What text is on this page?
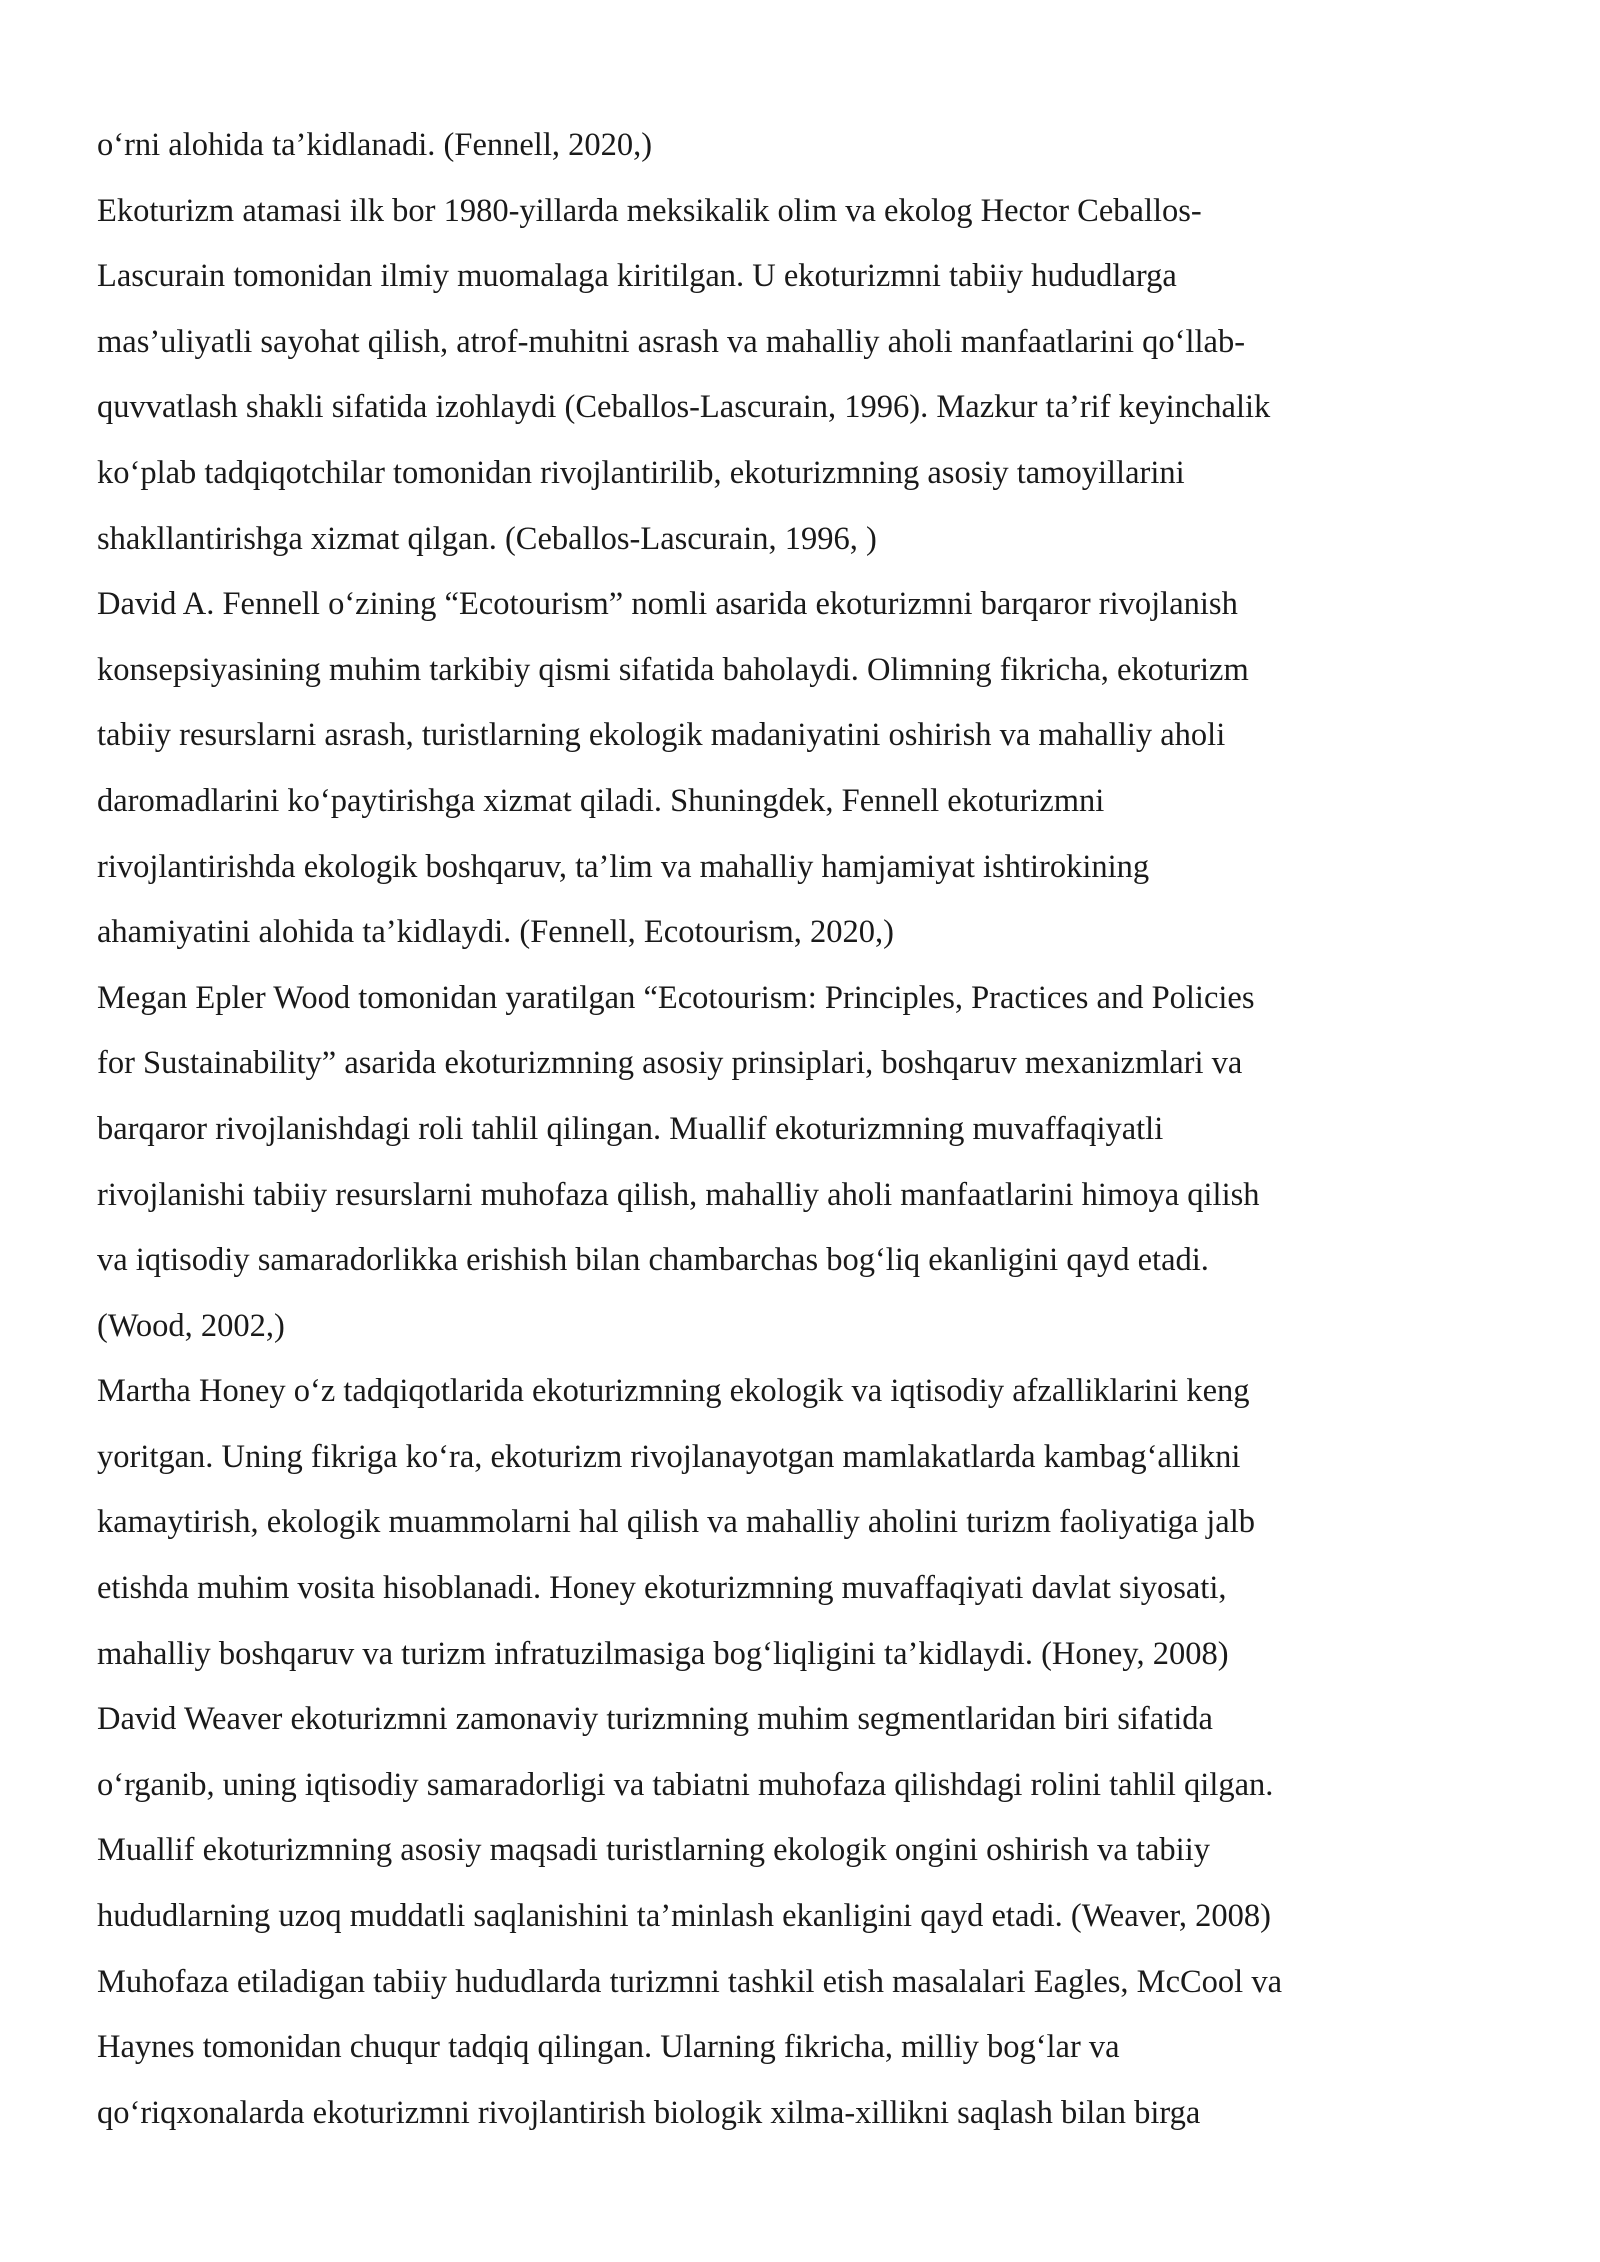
o‘rni alohida ta’kidlanadi. (Fennell, 2020,)
Ekoturizm atamasi ilk bor 1980-yillarda meksikalik olim va ekolog Hector Ceballos-
Lascurain tomonidan ilmiy muomalaga kiritilgan. U ekoturizmni tabiiy hududlarga
mas’uliyatli sayohat qilish, atrof-muhitni asrash va mahalliy aholi manfaatlarini qo‘llab-
quvvatlash shakli sifatida izohlaydi (Ceballos-Lascurain, 1996). Mazkur ta’rif keyinchalik
ko‘plab tadqiqotchilar tomonidan rivojlantirilib, ekoturizmning asosiy tamoyillarini
shakllantirishga xizmat qilgan. (Ceballos-Lascurain, 1996, )
David A. Fennell o‘zining “Ecotourism” nomli asarida ekoturizmni barqaror rivojlanish
konsepsiyasining muhim tarkibiy qismi sifatida baholaydi. Olimning fikricha, ekoturizm
tabiiy resurslarni asrash, turistlarning ekologik madaniyatini oshirish va mahalliy aholi
daromadlarini ko‘paytirishga xizmat qiladi. Shuningdek, Fennell ekoturizmni
rivojlantirishda ekologik boshqaruv, ta’lim va mahalliy hamjamiyat ishtirokining
ahamiyatini alohida ta’kidlaydi. (Fennell, Ecotourism, 2020,)
Megan Epler Wood tomonidan yaratilgan “Ecotourism: Principles, Practices and Policies
for Sustainability” asarida ekoturizmning asosiy prinsiplari, boshqaruv mexanizmlari va
barqaror rivojlanishdagi roli tahlil qilingan. Muallif ekoturizmning muvaffaqiyatli
rivojlanishi tabiiy resurslarni muhofaza qilish, mahalliy aholi manfaatlarini himoya qilish
va iqtisodiy samaradorlikka erishish bilan chambarchas bog‘liq ekanligini qayd etadi.
(Wood, 2002,)
Martha Honey o‘z tadqiqotlarida ekoturizmning ekologik va iqtisodiy afzalliklarini keng
yoritgan. Uning fikriga ko‘ra, ekoturizm rivojlanayotgan mamlakatlarda kambag‘allikni
kamaytirish, ekologik muammolarni hal qilish va mahalliy aholini turizm faoliyatiga jalb
etishda muhim vosita hisoblanadi. Honey ekoturizmning muvaffaqiyati davlat siyosati,
mahalliy boshqaruv va turizm infratuzilmasiga bog‘liqligini ta’kidlaydi. (Honey, 2008)
David Weaver ekoturizmni zamonaviy turizmning muhim segmentlaridan biri sifatida
o‘rganib, uning iqtisodiy samaradorligi va tabiatni muhofaza qilishdagi rolini tahlil qilgan.
Muallif ekoturizmning asosiy maqsadi turistlarning ekologik ongini oshirish va tabiiy
hududlarning uzoq muddatli saqlanishini ta’minlash ekanligini qayd etadi. (Weaver, 2008)
Muhofaza etiladigan tabiiy hududlarda turizmni tashkil etish masalalari Eagles, McCool va
Haynes tomonidan chuqur tadqiq qilingan. Ularning fikricha, milliy bog‘lar va
qo‘riqxonalarda ekoturizmni rivojlantirish biologik xilma-xillikni saqlash bilan birga
